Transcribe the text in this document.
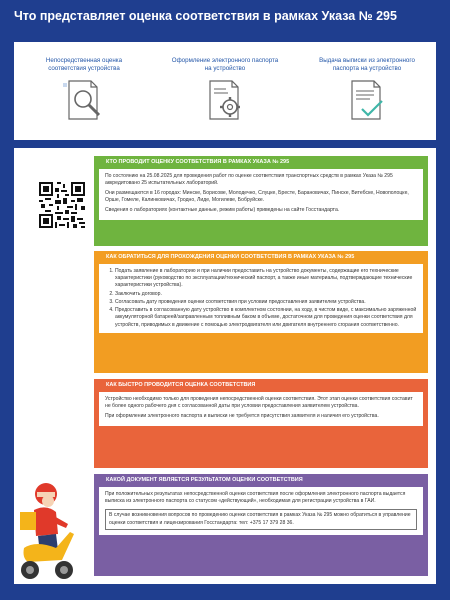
Что представляет оценка соответствия в рамках Указа № 295
Непосредственная оценка соответствия устройства
Оформление электронного паспорта на устройство
Выдача выписки из электронного паспорта на устройство
КТО ПРОВОДИТ ОЦЕНКУ СООТВЕТСТВИЯ В РАМКАХ УКАЗА № 295

По состоянию на 25.08.2025 для проведения работ по оценке соответствия транспортных средств в рамках Указа № 295 аккредитовано 25 испытательных лабораторий.

Они размещаются в 16 городах: Минске, Борисове, Молодечно, Слуцке, Бресте, Барановичах, Пинске, Витебске, Новополоцке, Орше, Гомеле, Калинковичах, Гродно, Лиде, Могилеве, Бобруйске.

Сведения о лабораториях (контактные данные, режим работы) приведены на сайте Госстандарта.

КАК ОБРАТИТЬСЯ ДЛЯ ПРОХОЖДЕНИЯ ОЦЕНКИ СООТВЕТСТВИЯ В РАМКАХ УКАЗА № 295
1. Подать заявление в лабораторию и при наличии предоставить на устройство документы, содержащие его технические характеристики (руководство по эксплуатации/технический паспорт, а также иные материалы, подтверждающие технические характеристики устройства).
2. Заключить договор.
3. Согласовать дату проведения оценки соответствия при условии предоставления заявителем устройства.
4. Предоставить в согласованную дату устройство в комплектном состоянии, на ходу, в чистом виде, с максимально заряженной аккумуляторной батареей/заправленным топливным баком в объеме, достаточном для проведения оценки соответствия для устройств, приводимых в движение с помощью электродвигателя или двигателя внутреннего сгорания соответственно.
КАК БЫСТРО ПРОВОДИТСЯ ОЦЕНКА СООТВЕТСТВИЯ

Устройство необходимо только для проведения непосредственной оценки соответствия. Этот этап оценки соответствия составит не более одного рабочего дня с согласованной даты при условии предоставления заявителем устройства.

При оформлении электронного паспорта и выписки не требуется присутствия заявителя и наличия его устройства.

КАКОЙ ДОКУМЕНТ ЯВЛЯЕТСЯ РЕЗУЛЬТАТОМ ОЦЕНКИ СООТВЕТСТВИЯ

При положительных результатах непосредственной оценки соответствия после оформления электронного паспорта выдается выписка из электронного паспорта со статусом «действующий», необходимая для регистрации устройства в ГАИ.

В случае возникновения вопросов по проведению оценки соответствия в рамках Указа № 295 можно обратиться в управление оценки соответствия и лицензирования Госстандарта: тел: +375 17 379 28 36.
